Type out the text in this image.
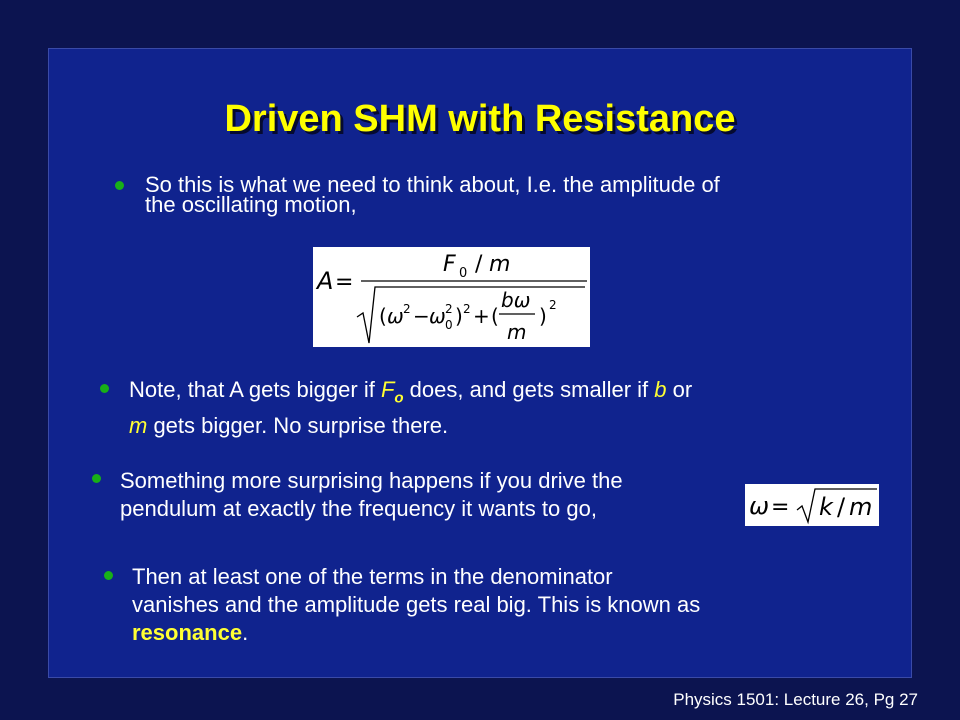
Driven SHM with Resistance
So this is what we need to think about, I.e. the amplitude of
the oscillating motion,
A =
F 0 / m
( ω 2 − ω 0
2 ) 2 + (
bω
m
) 2
Note, that A gets bigger if $F_o$ does, and gets smaller if b or
m gets bigger. No surprise there.
Something more surprising happens if you drive the
pendulum at exactly the frequency it wants to go,	ω = k / m
Then at least one of the terms in the denominator
vanishes and the amplitude gets real big. This is known as
resonance.
Physics 1501: Lecture 26, Pg 27
